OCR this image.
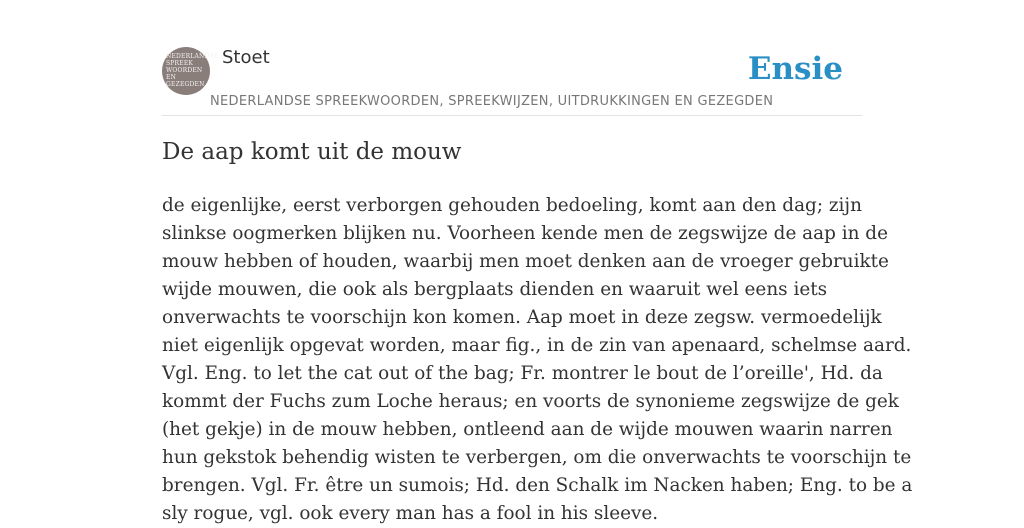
NEDERLANDSE
SPREEK
WOORDEN EN
GEZEGDEN
Stoet
NEDERLANDSE SPREEKWOORDEN, SPREEKWIJZEN, UITDRUKKINGEN EN GEZEGDEN
Ensie
De aap komt uit de mouw
de eigenlijke, eerst verborgen gehouden bedoeling, komt aan den dag; zijn
slinkse oogmerken blijken nu. Voorheen kende men de zegswijze de aap in de
mouw hebben of houden, waarbij men moet denken aan de vroeger gebruikte
wijde mouwen, die ook als bergplaats dienden en waaruit wel eens iets
onverwachts te voorschijn kon komen. Aap moet in deze zegsw. vermoedelijk
niet eigenlijk opgevat worden, maar fig., in de zin van apenaard, schelmse aard.
Vgl. Eng. to let the cat out of the bag; Fr. montrer le bout de l’oreille', Hd. da
kommt der Fuchs zum Loche heraus; en voorts de synonieme zegswijze de gek
(het gekje) in de mouw hebben, ontleend aan de wijde mouwen waarin narren
hun gekstok behendig wisten te verbergen, om die onverwachts te voorschijn te
brengen. Vgl. Fr. être un sumois; Hd. den Schalk im Nacken haben; Eng. to be a
sly rogue, vgl. ook every man has a fool in his sleeve.
